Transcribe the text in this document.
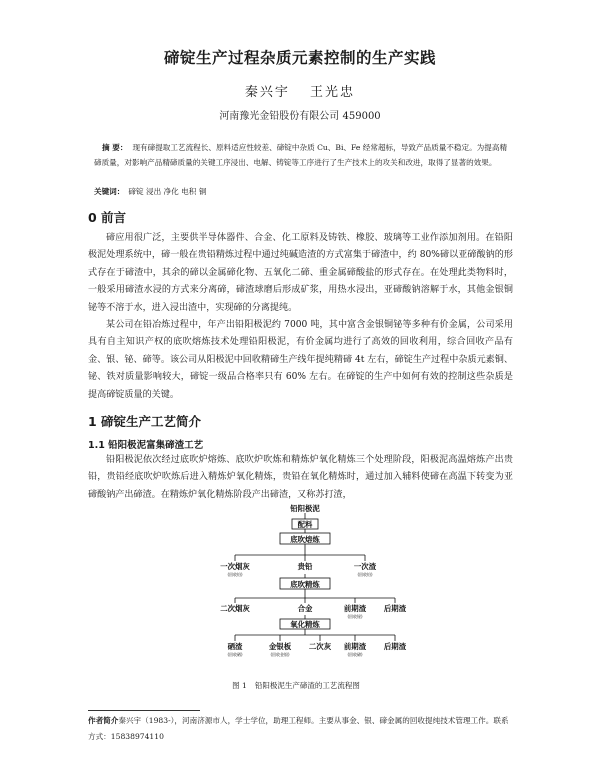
碲锭生产过程杂质元素控制的生产实践
秦兴宇 王光忠
河南豫光金铅股份有限公司 459000
摘 要： 现有碲提取工艺流程长、原料适应性较差、碲锭中杂质 Cu、Bi、Fe 经常超标，导致产品质量不稳定。为提高精碲质量，对影响产品精碲质量的关键工序浸出、电解、铸锭等工序进行了生产技术上的攻关和改进，取得了显著的效果。
关键词： 碲锭 浸出 净化 电积 铜
0 前言
碲应用很广泛，主要供半导体器件、合金、化工原料及铸铁、橡胶、玻璃等工业作添加剂用。在铅阳极泥处理系统中，碲一般在贵铅精炼过程中通过纯碱造渣的方式富集于碲渣中，约 80%碲以亚碲酸钠的形式存在于碲渣中，其余的碲以金属碲化物、五氧化二碲、重金属碲酸盐的形式存在。在处理此类物料时，一般采用碲渣水浸的方式来分离碲，碲渣球磨后形成矿浆，用热水浸出，亚碲酸钠溶解于水，其他金银铜铋等不溶于水，进入浸出渣中，实现碲的分离提纯。
某公司在铅冶炼过程中，年产出铅阳极泥约 7000 吨，其中富含金银铜铋等多种有价金属，公司采用具有自主知识产权的底吹熔炼技术处理铅阳极泥，有价金属均进行了高效的回收利用，综合回收产品有金、银、铋、碲等。该公司从阳极泥中回收精碲生产线年提纯精碲 4t 左右，碲锭生产过程中杂质元素铜、铋、铁对质量影响较大，碲锭一级品合格率只有 60% 左右。在碲锭的生产中如何有效的控制这些杂质是提高碲锭质量的关键。
1 碲锭生产工艺简介
1.1 铅阳极泥富集碲渣工艺
铅阳极泥依次经过底吹炉熔炼、底吹炉吹炼和精炼炉氧化精炼三个处理阶段，阳极泥高温熔炼产出贵铅，贵铅经底吹炉吹炼后进入精炼炉氧化精炼，贵铅在氧化精炼时，通过加入辅料使碲在高温下转变为亚碲酸钠产出碲渣。在精炼炉氧化精炼阶段产出碲渣，又称苏打渣，
铅阳极泥
配料
底吹熔炼
一次烟灰
(回收铅)
贵铅	一次渣
(回收铅)
底吹精炼
二次烟灰	合金	前期渣
(回收铋)
后期渣
氧化精炼
硒渣
(回收硒)
金银板
(回收金银)
二次灰 前期渣
(回收碲)
后期渣
图 1 铅阳极泥生产碲渣的工艺流程图
作者简介秦兴宇（1983-），河南济源市人，学士学位，助理工程师。主要从事金、银、碲金属的回收提纯技术管理工作。联系方式：15838974110
